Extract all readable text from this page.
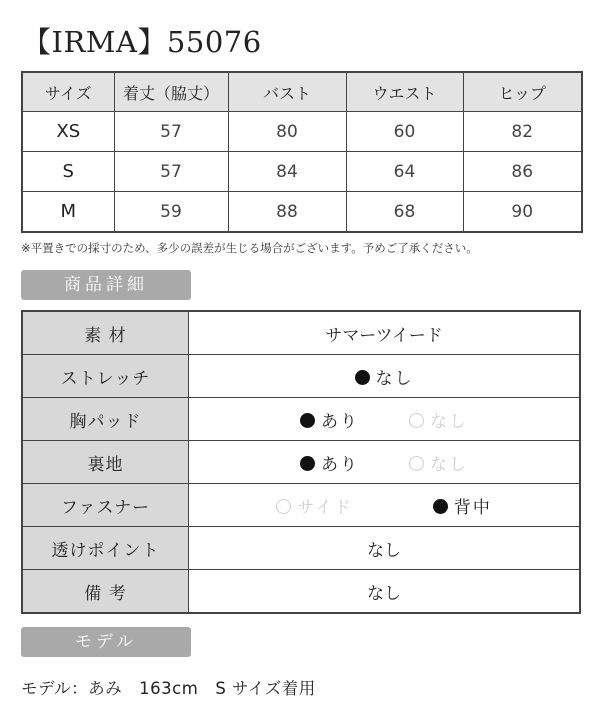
【IRMA】55076
サイズ	着丈（脇丈）	バスト	ウエスト	ヒップ
XS	57	80	60	82
S	57	84	64	86
M	59	88	68	90

※平置きでの採寸のため、多少の誤差が生じる場合がございます。予めご了承ください。

商品詳細
素 材	サマーツイード
ストレッチ	なし
胸パッド	あり なし

裏地	あり なし

ファスナー	サイド 背中

透けポイント	なし
備 考	なし
モデル

モデル：あみ　163cm　S サイズ着用
